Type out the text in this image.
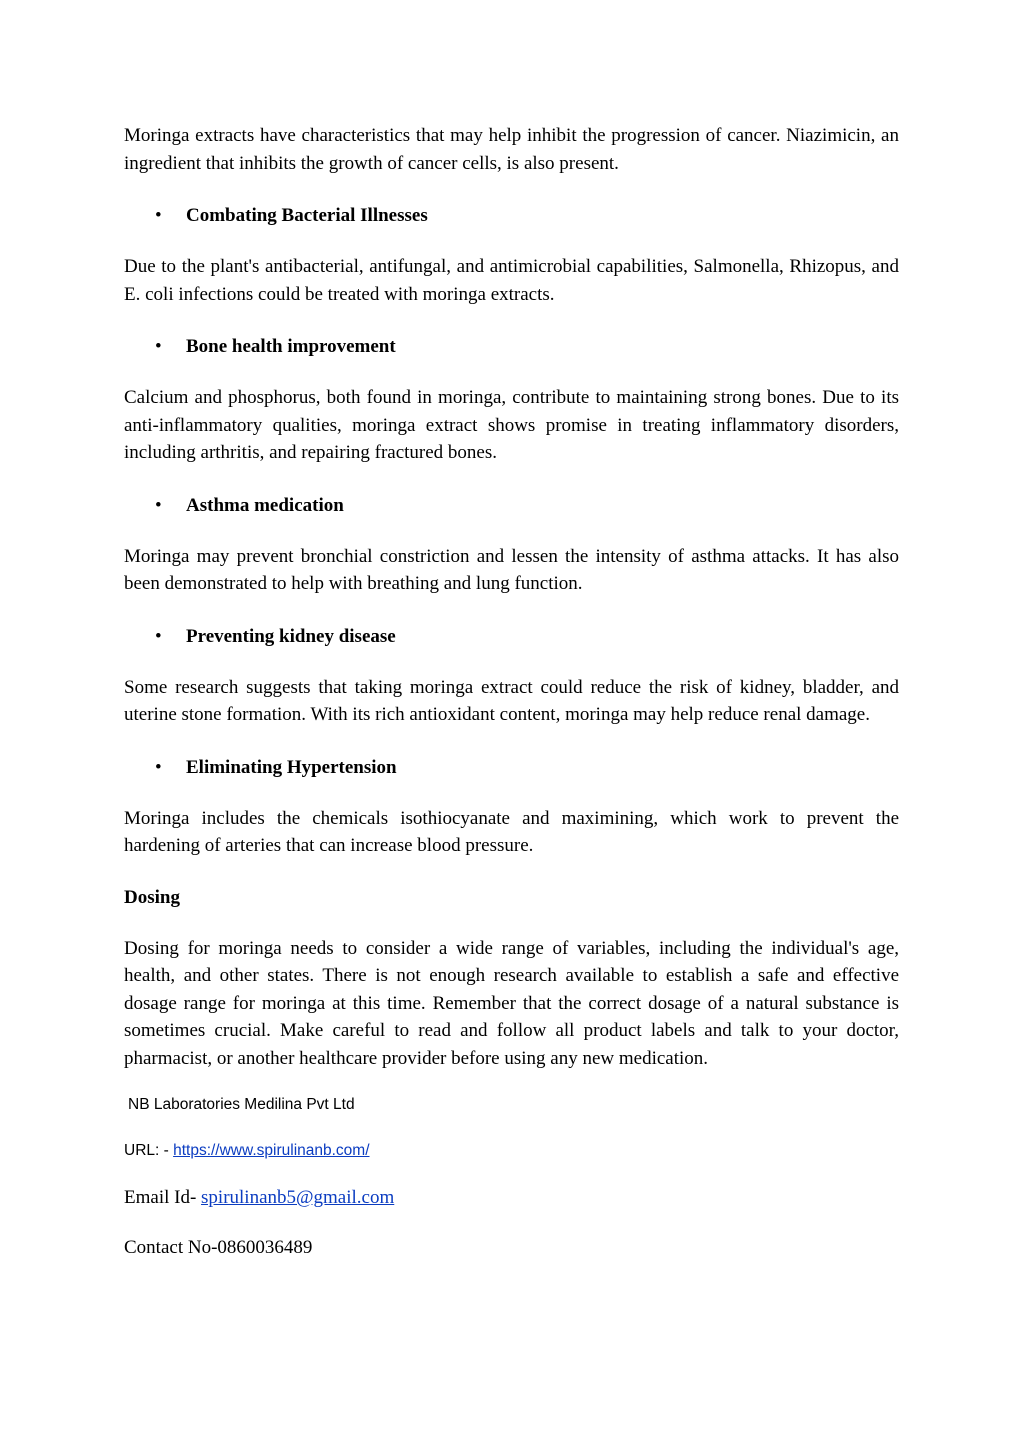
Moringa extracts have characteristics that may help inhibit the progression of cancer. Niazimicin, an ingredient that inhibits the growth of cancer cells, is also present.

• Combating Bacterial Illnesses

Due to the plant's antibacterial, antifungal, and antimicrobial capabilities, Salmonella, Rhizopus, and E. coli infections could be treated with moringa extracts.

• Bone health improvement

Calcium and phosphorus, both found in moringa, contribute to maintaining strong bones. Due to its anti-inflammatory qualities, moringa extract shows promise in treating inflammatory disorders, including arthritis, and repairing fractured bones.

• Asthma medication

Moringa may prevent bronchial constriction and lessen the intensity of asthma attacks. It has also been demonstrated to help with breathing and lung function.

• Preventing kidney disease

Some research suggests that taking moringa extract could reduce the risk of kidney, bladder, and uterine stone formation. With its rich antioxidant content, moringa may help reduce renal damage.

• Eliminating Hypertension

Moringa includes the chemicals isothiocyanate and maximining, which work to prevent the hardening of arteries that can increase blood pressure.

Dosing

Dosing for moringa needs to consider a wide range of variables, including the individual's age, health, and other states. There is not enough research available to establish a safe and effective dosage range for moringa at this time. Remember that the correct dosage of a natural substance is sometimes crucial. Make careful to read and follow all product labels and talk to your doctor, pharmacist, or another healthcare provider before using any new medication.

NB Laboratories Medilina Pvt Ltd

URL: - https://www.spirulinanb.com/

Email Id- spirulinanb5@gmail.com

Contact No-0860036489
